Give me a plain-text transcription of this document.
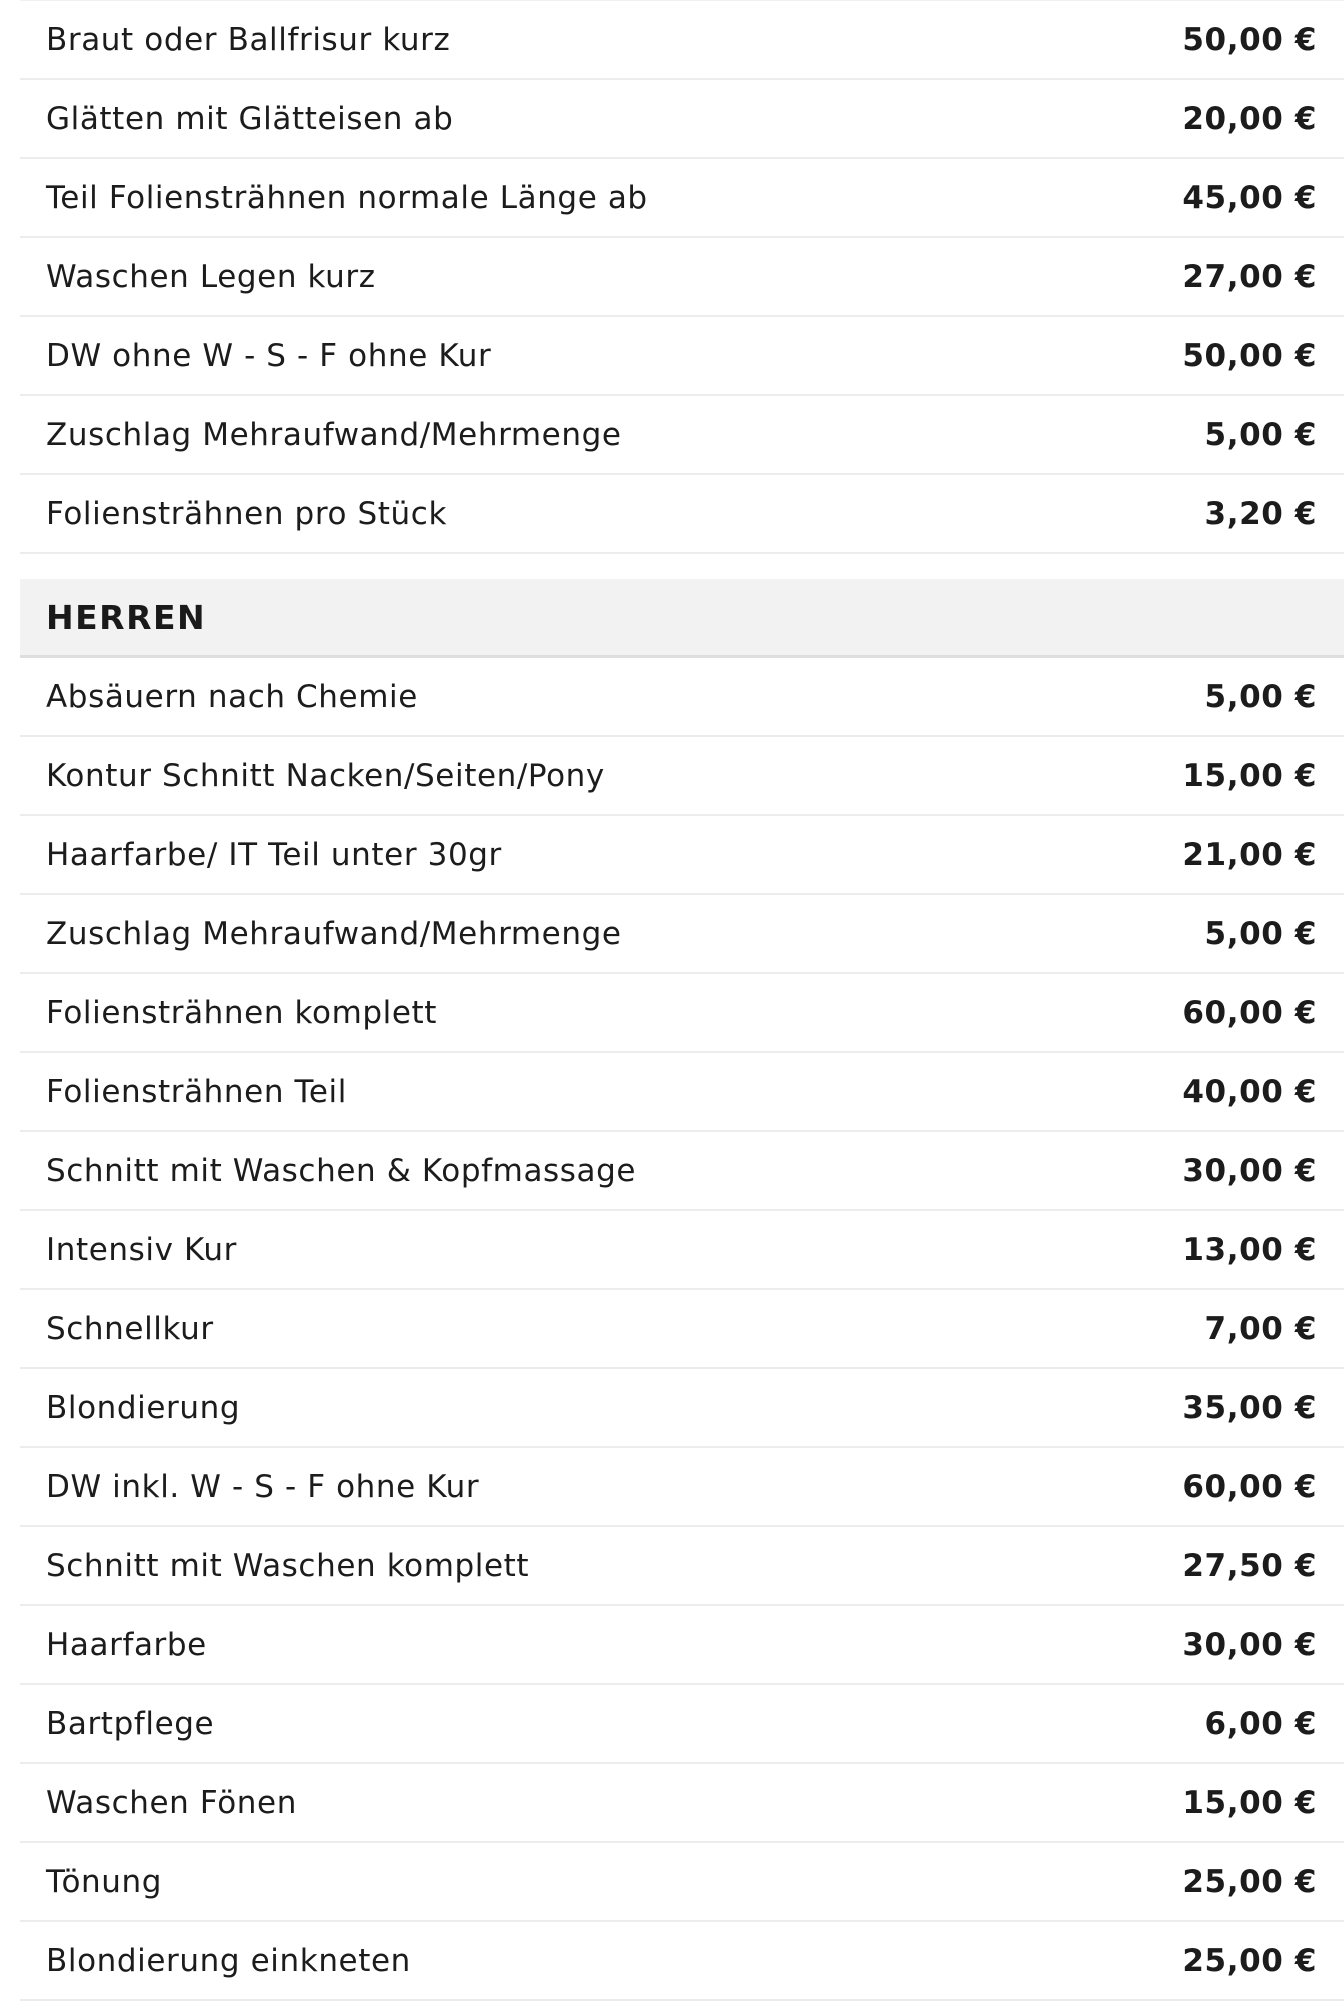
Braut oder Ballfrisur kurz	50,00 €
Glätten mit Glätteisen ab	20,00 €
Teil Foliensträhnen normale Länge ab	45,00 €
Waschen Legen kurz	27,00 €
DW ohne W - S - F ohne Kur	50,00 €
Zuschlag Mehraufwand/Mehrmenge	5,00 €
Foliensträhnen pro Stück	3,20 €
HERREN
Absäuern nach Chemie	5,00 €
Kontur Schnitt Nacken/Seiten/Pony	15,00 €
Haarfarbe/ IT Teil unter 30gr	21,00 €
Zuschlag Mehraufwand/Mehrmenge	5,00 €
Foliensträhnen komplett	60,00 €
Foliensträhnen Teil	40,00 €
Schnitt mit Waschen & Kopfmassage	30,00 €
Intensiv Kur	13,00 €
Schnellkur	7,00 €
Blondierung	35,00 €
DW inkl. W - S - F ohne Kur	60,00 €
Schnitt mit Waschen komplett	27,50 €
Haarfarbe	30,00 €
Bartpflege	6,00 €
Waschen Fönen	15,00 €
Tönung	25,00 €
Blondierung einkneten	25,00 €
